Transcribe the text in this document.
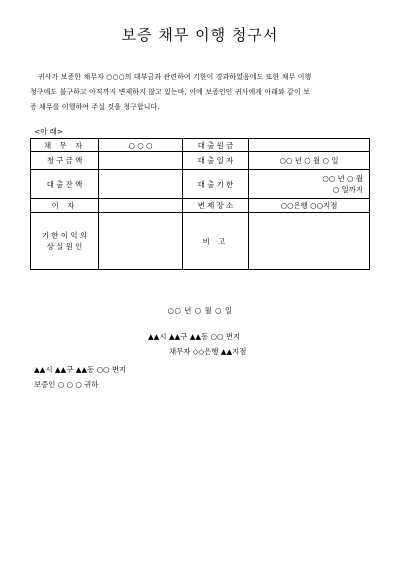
보증 채무 이행 청구서
귀사가 보증한 채무자 ○○○의 대부금과 관련하여 기한이 경과하였음에도 또한 채무 이행
청구에도 불구하고 아직까지 변제하지 않고 있는바, 이에 보증인인 귀사에게 아래와 같이 보
증 채무를 이행하여 주실 것을 청구합니다.
<아 래>
채 무 자	○ ○ ○	대 출 원 금	
청 구 금 액		대 출 일 자	○○ 년 ○ 월 ○ 일
대 출 잔 액		대 출 기 한	○○ 년 ○ 월
○ 일까지

이 자		변 제 장 소	○○은행 ○○지점

기 한 이 익 의
상 실 원 인		비 고	
○○ 년 ○ 월 ○ 일
▲▲시 ▲▲구 ▲▲동 ○○ 번지
채무자 ◇◇은행 ▲▲지점
▲▲시 ▲▲구 ▲▲동 ○○ 번지
보증인 ○ ○ ○ 귀하
